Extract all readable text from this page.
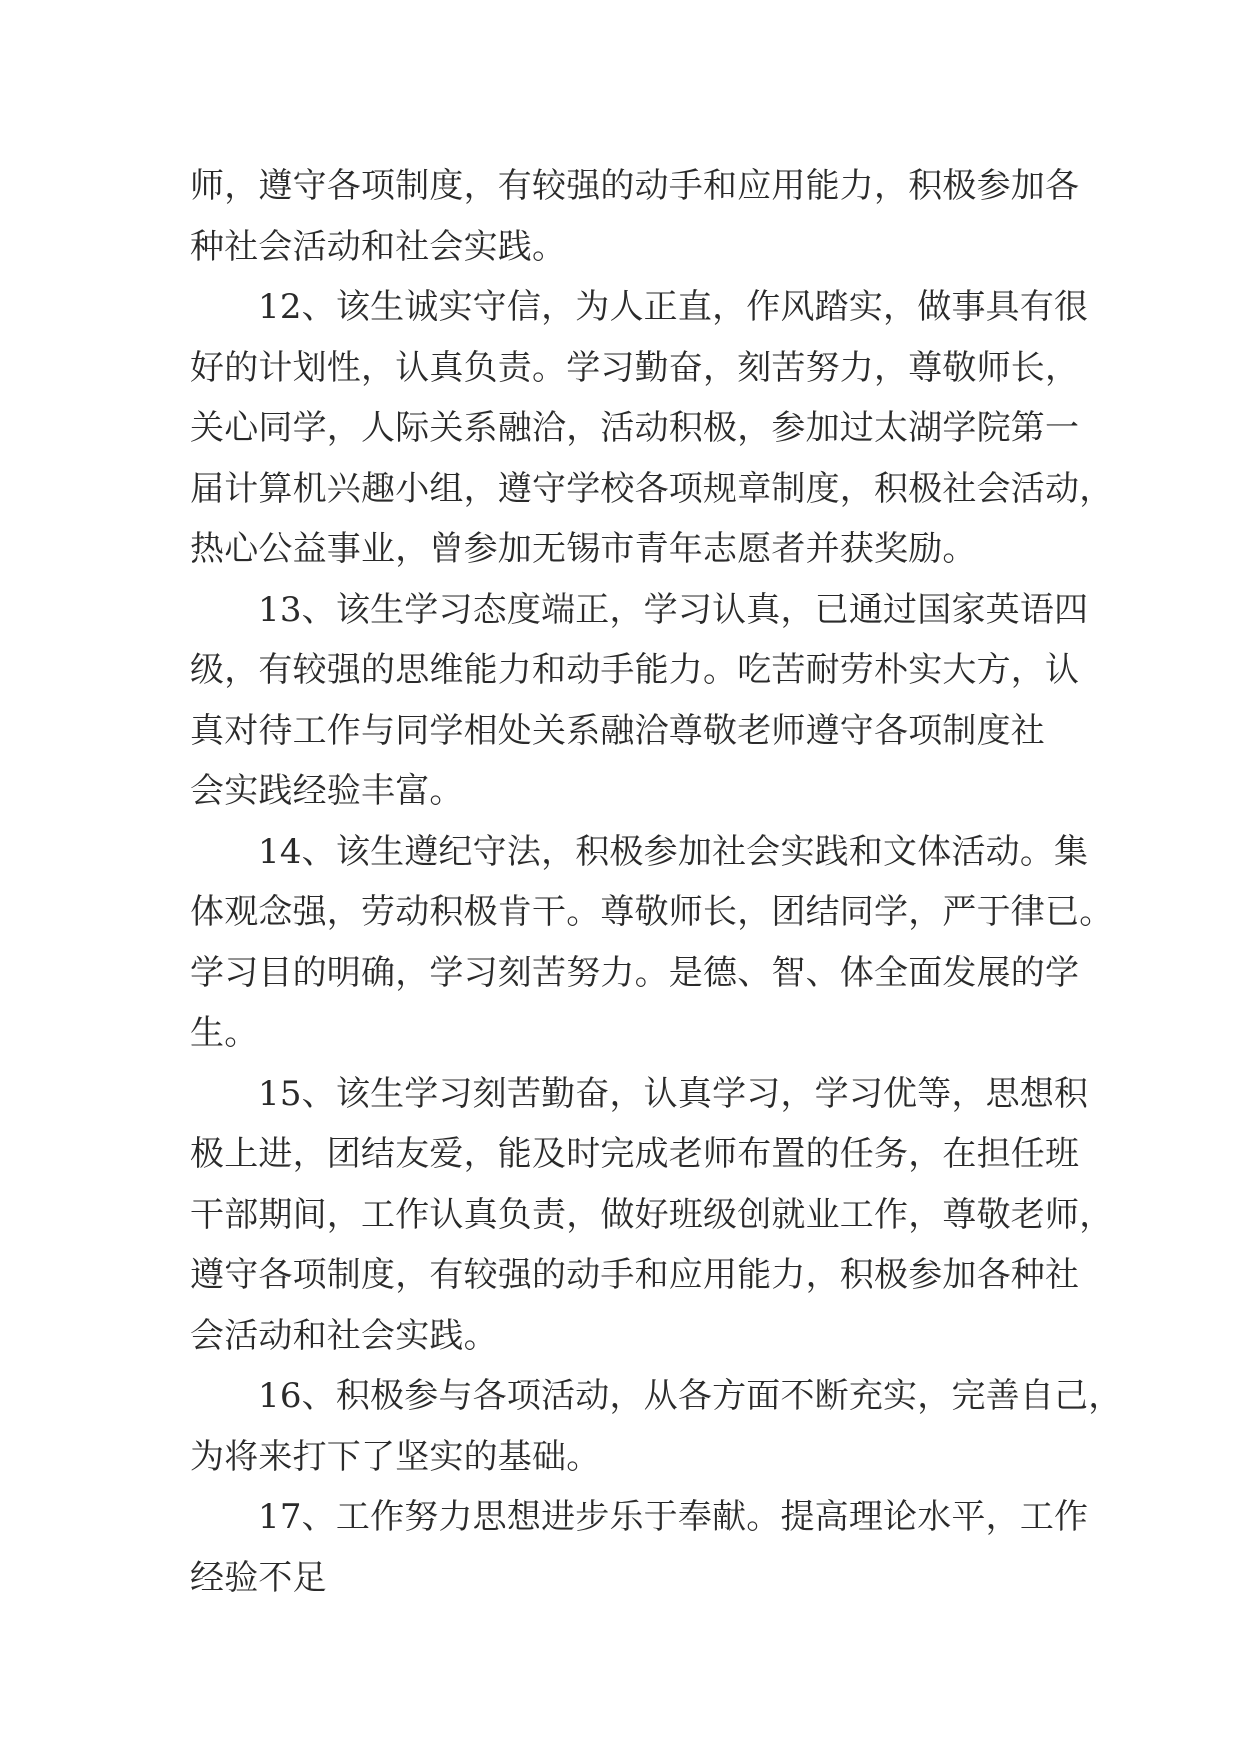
师，遵守各项制度，有较强的动手和应用能力，积极参加各
种社会活动和社会实践。

12、该生诚实守信，为人正直，作风踏实，做事具有很
好的计划性，认真负责。学习勤奋，刻苦努力，尊敬师长，
关心同学，人际关系融洽，活动积极，参加过太湖学院第一
届计算机兴趣小组，遵守学校各项规章制度，积极社会活动，
热心公益事业，曾参加无锡市青年志愿者并获奖励。

13、该生学习态度端正，学习认真，已通过国家英语四
级，有较强的思维能力和动手能力。吃苦耐劳朴实大方，认
真对待工作与同学相处关系融洽尊敬老师遵守各项制度社
会实践经验丰富。

14、该生遵纪守法，积极参加社会实践和文体活动。集
体观念强，劳动积极肯干。尊敬师长，团结同学，严于律已。
学习目的明确，学习刻苦努力。是德、智、体全面发展的学
生。

15、该生学习刻苦勤奋，认真学习，学习优等，思想积
极上进，团结友爱，能及时完成老师布置的任务，在担任班
干部期间，工作认真负责，做好班级创就业工作，尊敬老师，
遵守各项制度，有较强的动手和应用能力，积极参加各种社
会活动和社会实践。

16、积极参与各项活动，从各方面不断充实，完善自己，
为将来打下了坚实的基础。

17、工作努力思想进步乐于奉献。提高理论水平，工作
经验不足
